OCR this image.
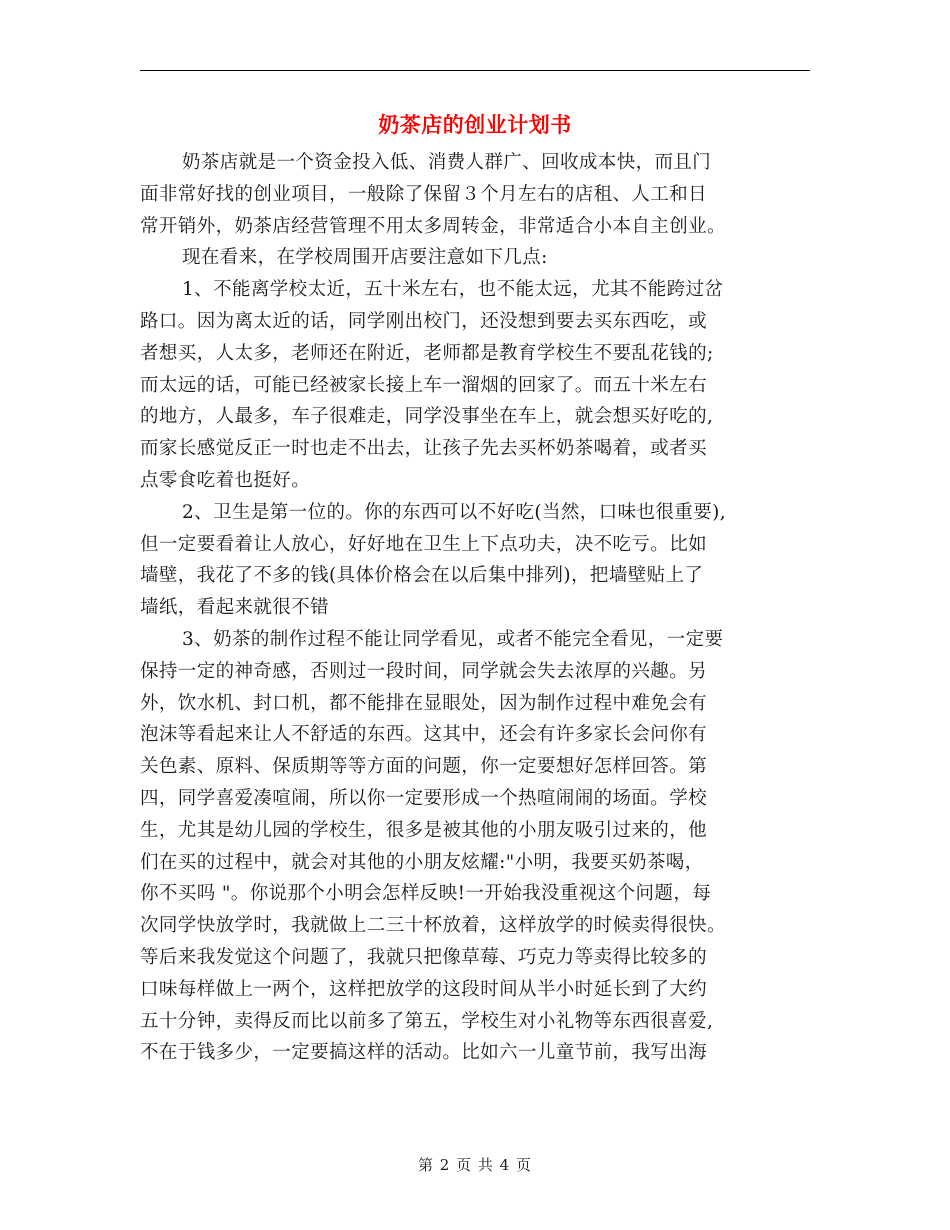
奶茶店的创业计划书
奶茶店就是一个资金投入低、消费人群广、回收成本快，而且门
面非常好找的创业项目，一般除了保留３个月左右的店租、人工和日
常开销外，奶茶店经营管理不用太多周转金，非常适合小本自主创业。
现在看来，在学校周围开店要注意如下几点:
1、不能离学校太近，五十米左右，也不能太远，尤其不能跨过岔
路口。因为离太近的话，同学刚出校门，还没想到要去买东西吃，或
者想买，人太多，老师还在附近，老师都是教育学校生不要乱花钱的;
而太远的话，可能已经被家长接上车一溜烟的回家了。而五十米左右
的地方，人最多，车子很难走，同学没事坐在车上，就会想买好吃的,
而家长感觉反正一时也走不出去，让孩子先去买杯奶茶喝着，或者买
点零食吃着也挺好。
2、卫生是第一位的。你的东西可以不好吃(当然，口味也很重要),
但一定要看着让人放心，好好地在卫生上下点功夫，决不吃亏。比如
墙壁，我花了不多的钱(具体价格会在以后集中排列)，把墙壁贴上了
墙纸，看起来就很不错
3、奶茶的制作过程不能让同学看见，或者不能完全看见，一定要
保持一定的神奇感，否则过一段时间，同学就会失去浓厚的兴趣。另
外，饮水机、封口机，都不能排在显眼处，因为制作过程中难免会有
泡沫等看起来让人不舒适的东西。这其中，还会有许多家长会问你有
关色素、原料、保质期等等方面的问题，你一定要想好怎样回答。第
四，同学喜爱凑喧闹，所以你一定要形成一个热喧闹闹的场面。学校
生，尤其是幼儿园的学校生，很多是被其他的小朋友吸引过来的，他
们在买的过程中，就会对其他的小朋友炫耀:"小明，我要买奶茶喝，
你不买吗 "。你说那个小明会怎样反映!一开始我没重视这个问题，每
次同学快放学时，我就做上二三十杯放着，这样放学的时候卖得很快。
等后来我发觉这个问题了，我就只把像草莓、巧克力等卖得比较多的
口味每样做上一两个，这样把放学的这段时间从半小时延长到了大约
五十分钟，卖得反而比以前多了第五，学校生对小礼物等东西很喜爱,
不在于钱多少，一定要搞这样的活动。比如六一儿童节前，我写出海
第 2 页 共 4 页
